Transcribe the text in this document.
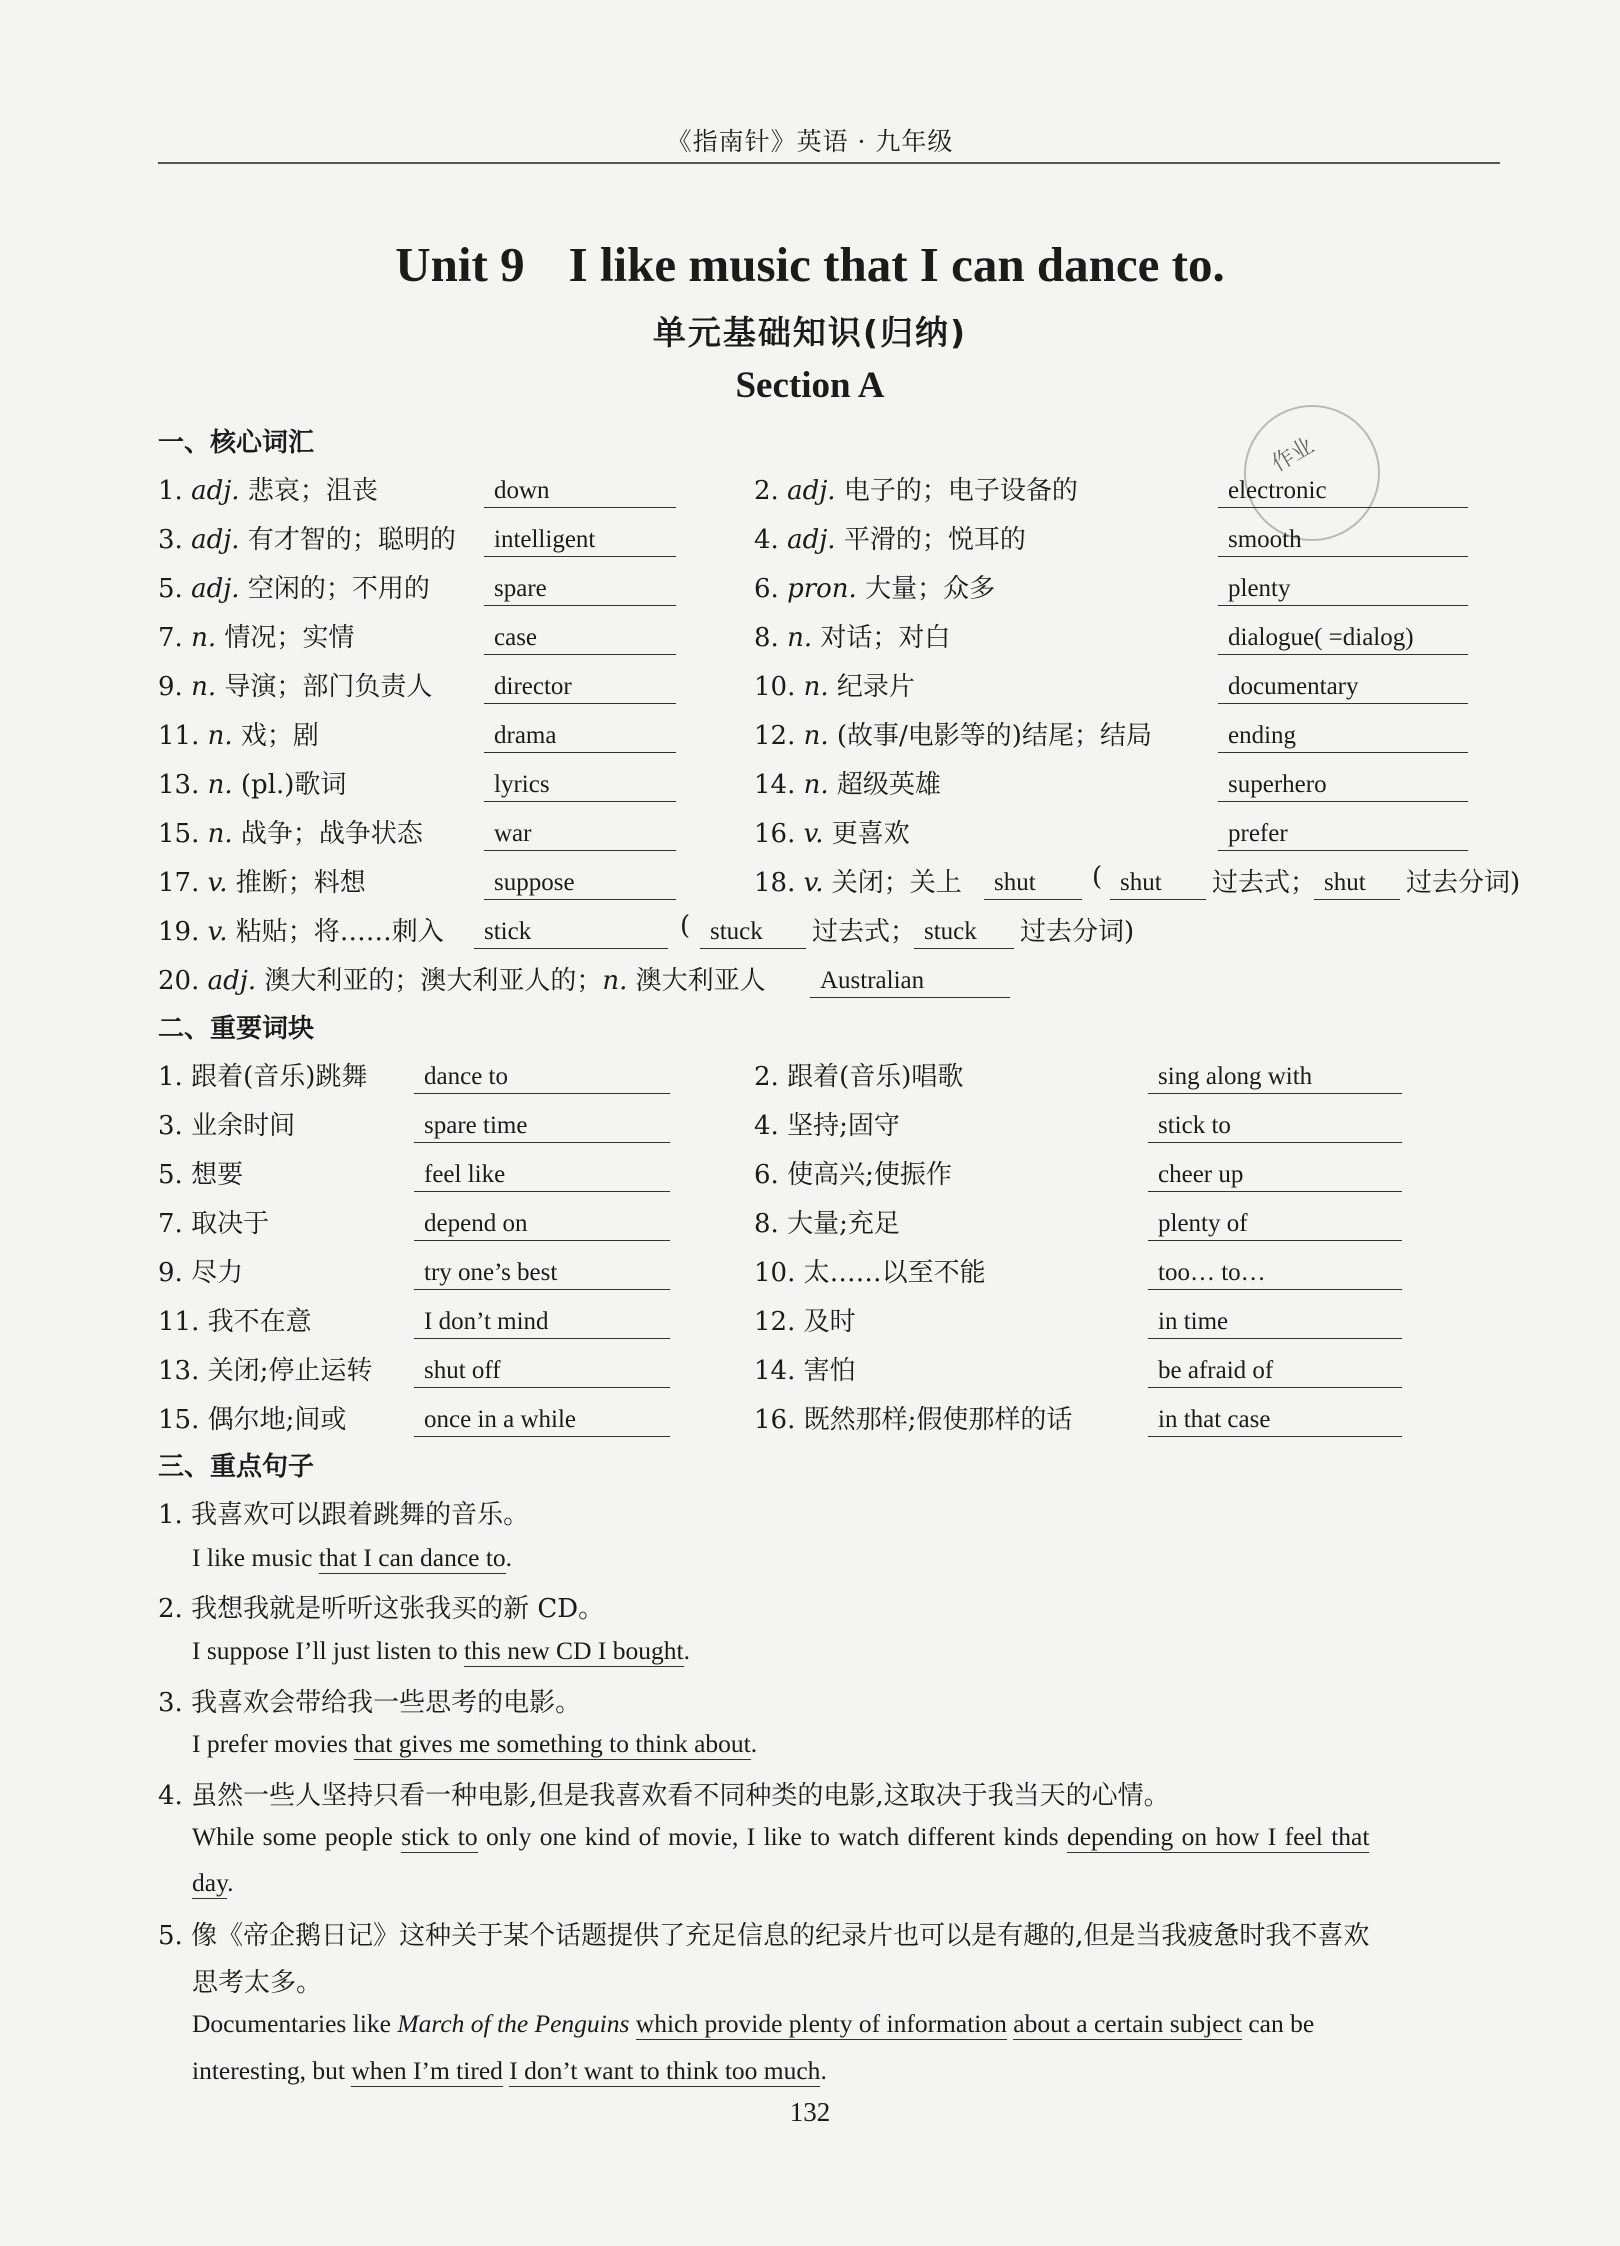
《指南针》英语 · 九年级
Unit 9 I like music that I can dance to.
单元基础知识(归纳)
Section A
作业
一、核心词汇
1. adj. 悲哀；沮丧	down	2. adj. 电子的；电子设备的	electronic
3. adj. 有才智的；聪明的	intelligent	4. adj. 平滑的；悦耳的	smooth
5. adj. 空闲的；不用的	spare	6. pron. 大量；众多	plenty
7. n. 情况；实情	case	8. n. 对话；对白	dialogue( =dialog)
9. n. 导演；部门负责人	director	10. n. 纪录片	documentary
11. n. 戏；剧	drama	12. n. (故事/电影等的)结尾；结局	ending
13. n. (pl.)歌词	lyrics	14. n. 超级英雄	superhero
15. n. 战争；战争状态	war	16. v. 更喜欢	prefer
17. v. 推断；料想	suppose	18. v. 关闭；关上	shut	( shut	过去式； shut	过去分词)
19. v. 粘贴；将……刺入	stick	( stuck	过去式； stuck	过去分词)
20. adj. 澳大利亚的；澳大利亚人的；n. 澳大利亚人	Australian
二、重要词块
1. 跟着(音乐)跳舞	dance to	2. 跟着(音乐)唱歌	sing along with
3. 业余时间	spare time	4. 坚持;固守	stick to
5. 想要	feel like	6. 使高兴;使振作	cheer up
7. 取决于	depend on	8. 大量;充足	plenty of
9. 尽力	try one’s best	10. 太……以至不能	too… to…
11. 我不在意	I don’t mind	12. 及时	in time
13. 关闭;停止运转	shut off	14. 害怕	be afraid of
15. 偶尔地;间或	once in a while	16. 既然那样;假使那样的话	in that case
三、重点句子
1. 我喜欢可以跟着跳舞的音乐。
I like music that I can dance to.
2. 我想我就是听听这张我买的新 CD。
I suppose I’ll just listen to this new CD I bought.
3. 我喜欢会带给我一些思考的电影。
I prefer movies that gives me something to think about.
4. 虽然一些人坚持只看一种电影,但是我喜欢看不同种类的电影,这取决于我当天的心情。
While some people stick to only one kind of movie, I like to watch different kinds depending on how I feel that
day.
5. 像《帝企鹅日记》这种关于某个话题提供了充足信息的纪录片也可以是有趣的,但是当我疲惫时我不喜欢
思考太多。
Documentaries like March of the Penguins which provide plenty of information about a certain subject can be
interesting, but when I’m tired I don’t want to think too much.
132
